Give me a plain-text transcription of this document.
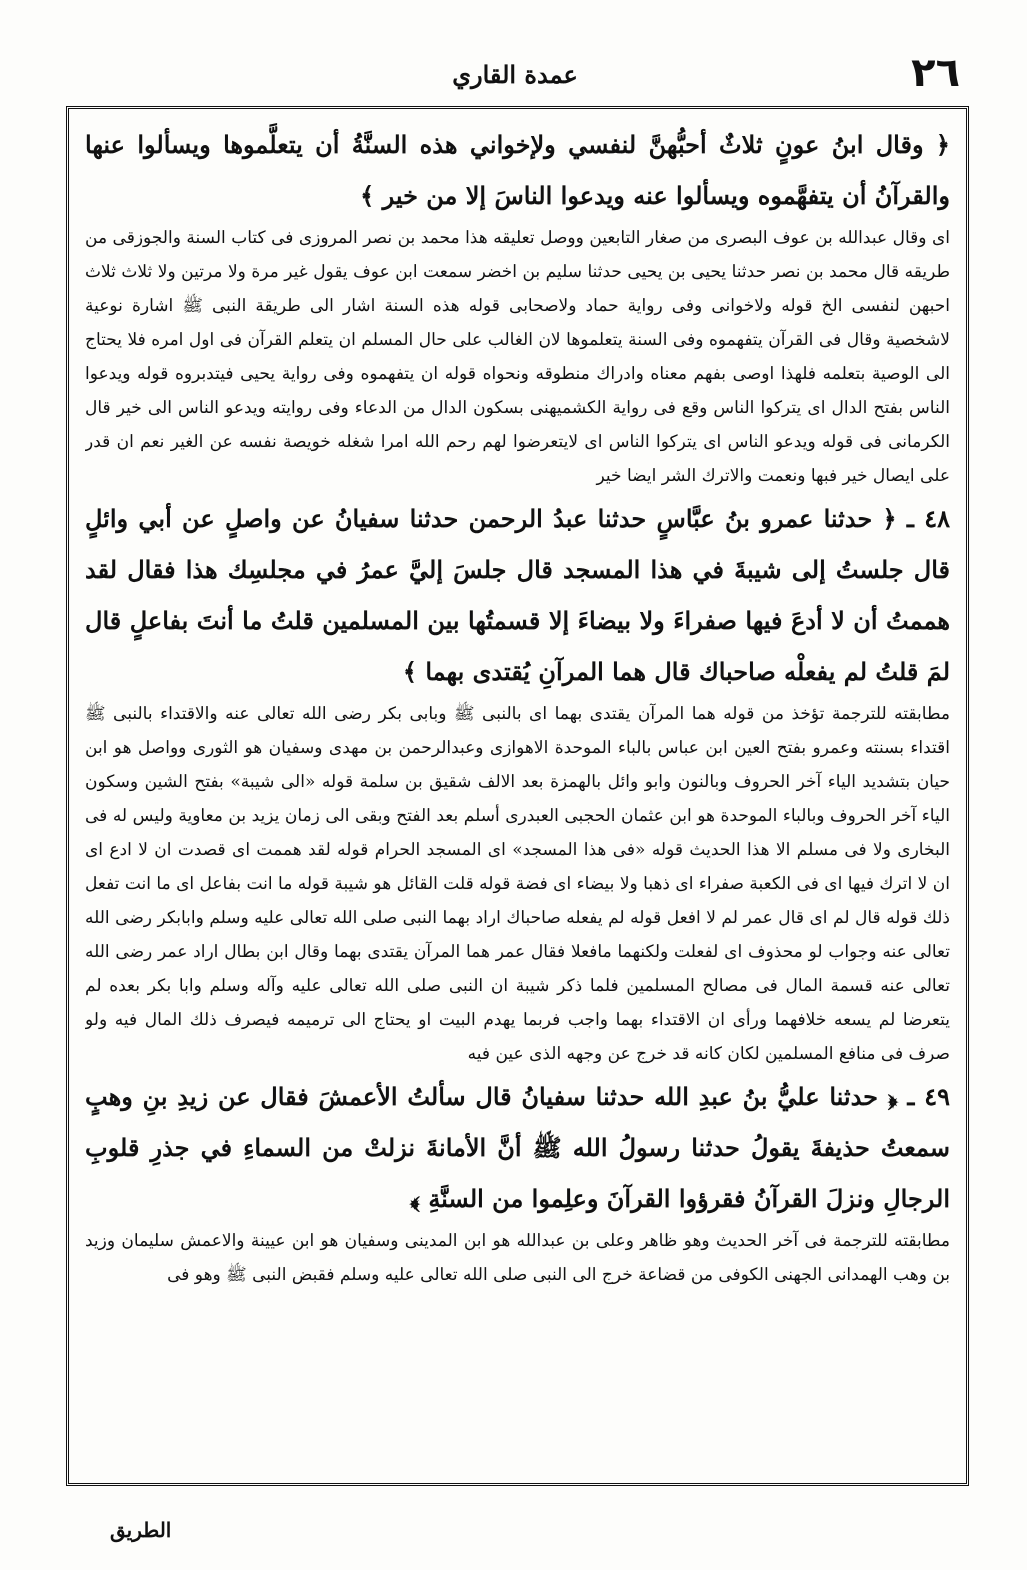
٢٦
عمدة القاري

﴿ وقال ابنُ عونٍ ثلاثٌ أحبُّهنَّ لنفسي ولإخواني هذه السنَّةُ أن يتعلَّموها ويسألوا عنها والقرآنُ أن يتفهَّموه ويسألوا عنه ويدعوا الناسَ إلا من خير ﴾

اى وقال عبدالله بن عوف البصرى من صغار التابعين ووصل تعليقه هذا محمد بن نصر المروزى فى كتاب السنة والجوزقى من طريقه قال محمد بن نصر حدثنا يحيى بن يحيى حدثنا سليم بن اخضر سمعت ابن عوف يقول غير مرة ولا مرتين ولا ثلاث ثلاث احبهن لنفسى الخ قوله ولاخوانى وفى رواية حماد ولاصحابى قوله هذه السنة اشار الى طريقة النبى ﷺ اشارة نوعية لاشخصية وقال فى القرآن يتفهموه وفى السنة يتعلموها لان الغالب على حال المسلم ان يتعلم القرآن فى اول امره فلا يحتاج الى الوصية بتعلمه فلهذا اوصى بفهم معناه وادراك منطوقه ونحواه قوله ان يتفهموه وفى رواية يحيى فيتدبروه قوله ويدعوا الناس بفتح الدال اى يتركوا الناس وقع فى رواية الكشميهنى بسكون الدال من الدعاء وفى روايته ويدعو الناس الى خير قال الكرمانى فى قوله ويدعو الناس اى يتركوا الناس اى لايتعرضوا لهم رحم الله امرا شغله خويصة نفسه عن الغير نعم ان قدر على ايصال خير فبها ونعمت والاترك الشر ايضا خير

٤٨ ـ ﴿ حدثنا عمرو بنُ عبَّاسٍ حدثنا عبدُ الرحمن حدثنا سفيانُ عن واصلٍ عن أبي وائلٍ قال جلستُ إلى شيبةَ في هذا المسجد قال جلسَ إليَّ عمرُ في مجلسِك هذا فقال لقد هممتُ أن لا أدعَ فيها صفراءَ ولا بيضاءَ إلا قسمتُها بين المسلمين قلتُ ما أنتَ بفاعلٍ قال لمَ قلتُ لم يفعلْه صاحباك قال هما المرآنِ يُقتدى بهما ﴾

مطابقته للترجمة تؤخذ من قوله هما المرآن يقتدى بهما اى بالنبى ﷺ وبابى بكر رضى الله تعالى عنه والاقتداء بالنبى ﷺ اقتداء بسنته وعمرو بفتح العين ابن عباس بالباء الموحدة الاهوازى وعبدالرحمن بن مهدى وسفيان هو الثورى وواصل هو ابن حيان بتشديد الياء آخر الحروف وبالنون وابو وائل بالهمزة بعد الالف شقيق بن سلمة قوله «الى شيبة» بفتح الشين وسكون الياء آخر الحروف وبالباء الموحدة هو ابن عثمان الحجبى العبدرى أسلم بعد الفتح وبقى الى زمان يزيد بن معاوية وليس له فى البخارى ولا فى مسلم الا هذا الحديث قوله «فى هذا المسجد» اى المسجد الحرام قوله لقد هممت اى قصدت ان لا ادع اى ان لا اترك فيها اى فى الكعبة صفراء اى ذهبا ولا بيضاء اى فضة قوله قلت القائل هو شيبة قوله ما انت بفاعل اى ما انت تفعل ذلك قوله قال لم اى قال عمر لم لا افعل قوله لم يفعله صاحباك اراد بهما النبى صلى الله تعالى عليه وسلم وابابكر رضى الله تعالى عنه وجواب لو محذوف اى لفعلت ولكنهما مافعلا فقال عمر هما المرآن يقتدى بهما وقال ابن بطال اراد عمر رضى الله تعالى عنه قسمة المال فى مصالح المسلمين فلما ذكر شيبة ان النبى صلى الله تعالى عليه وآله وسلم وابا بكر بعده لم يتعرضا لم يسعه خلافهما ورأى ان الاقتداء بهما واجب فربما يهدم البيت او يحتاج الى ترميمه فيصرف ذلك المال فيه ولو صرف فى منافع المسلمين لكان كانه قد خرج عن وجهه الذى عين فيه

٤٩ ـ ﴿ حدثنا عليُّ بنُ عبدِ الله حدثنا سفيانُ قال سألتُ الأعمشَ فقال عن زيدِ بنِ وهبٍ سمعتُ حذيفةَ يقولُ حدثنا رسولُ الله ﷺ أنَّ الأمانةَ نزلتْ من السماءِ في جذرِ قلوبِ الرجالِ ونزلَ القرآنُ فقرؤوا القرآنَ وعلِموا من السنَّةِ ﴾

مطابقته للترجمة فى آخر الحديث وهو ظاهر وعلى بن عبدالله هو ابن المدينى وسفيان هو ابن عيينة والاعمش سليمان وزيد بن وهب الهمدانى الجهنى الكوفى من قضاعة خرج الى النبى صلى الله تعالى عليه وسلم فقبض النبى ﷺ وهو فى

الطريق
